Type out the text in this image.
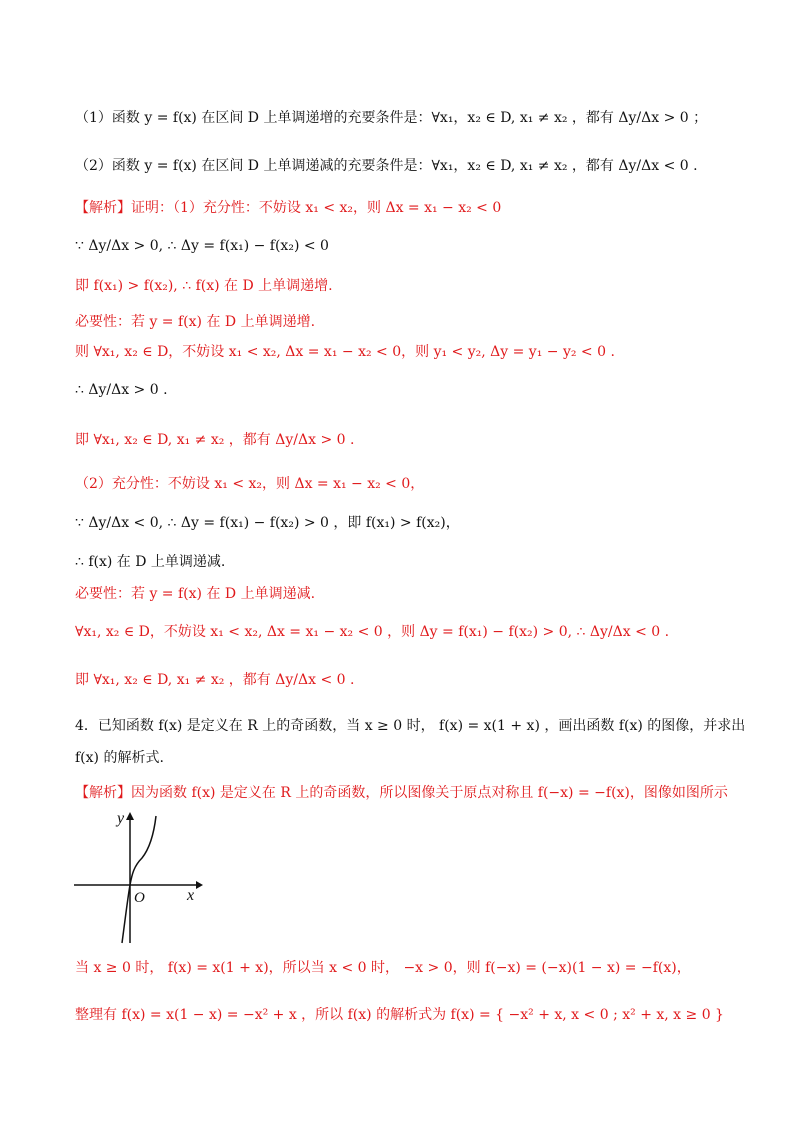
（1）函数 y = f(x) 在区间 D 上单调递增的充要条件是：∀x₁，x₂ ∈ D, x₁ ≠ x₂ ，都有 Δy/Δx > 0 ；
（2）函数 y = f(x) 在区间 D 上单调递减的充要条件是：∀x₁，x₂ ∈ D, x₁ ≠ x₂ ，都有 Δy/Δx < 0 .
【解析】证明：（1）充分性：不妨设 x₁ < x₂，则 Δx = x₁ − x₂ < 0
∵ Δy/Δx > 0, ∴ Δy = f(x₁) − f(x₂) < 0
即 f(x₁) > f(x₂), ∴ f(x) 在 D 上单调递增.
必要性：若 y = f(x) 在 D 上单调递增.
则 ∀x₁, x₂ ∈ D，不妨设 x₁ < x₂, Δx = x₁ − x₂ < 0，则 y₁ < y₂, Δy = y₁ − y₂ < 0 .
∴ Δy/Δx > 0 .
即 ∀x₁, x₂ ∈ D, x₁ ≠ x₂ ，都有 Δy/Δx > 0 .
（2）充分性：不妨设 x₁ < x₂，则 Δx = x₁ − x₂ < 0，
∵ Δy/Δx < 0, ∴ Δy = f(x₁) − f(x₂) > 0 ，即 f(x₁) > f(x₂)，
∴ f(x) 在 D 上单调递减.
必要性：若 y = f(x) 在 D 上单调递减.
∀x₁, x₂ ∈ D，不妨设 x₁ < x₂, Δx = x₁ − x₂ < 0 ，则 Δy = f(x₁) − f(x₂) > 0, ∴ Δy/Δx < 0 .
即 ∀x₁, x₂ ∈ D, x₁ ≠ x₂ ，都有 Δy/Δx < 0 .
4．已知函数 f(x) 是定义在 R 上的奇函数，当 x ≥ 0 时， f(x) = x(1 + x) ，画出函数 f(x) 的图像，并求出
f(x) 的解析式.
【解析】因为函数 f(x) 是定义在 R 上的奇函数，所以图像关于原点对称且 f(−x) = −f(x)，图像如图所示
y
x
O
当 x ≥ 0 时， f(x) = x(1 + x)，所以当 x < 0 时， −x > 0，则 f(−x) = (−x)(1 − x) = −f(x)，
整理有 f(x) = x(1 − x) = −x² + x ，所以 f(x) 的解析式为 f(x) = { −x² + x, x < 0 ; x² + x, x ≥ 0 }
